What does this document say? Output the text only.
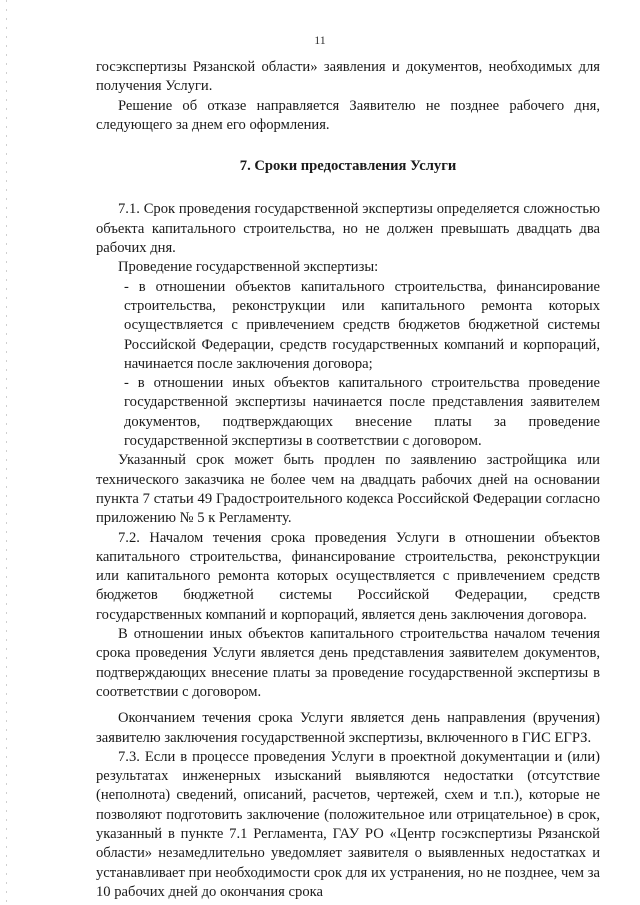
11

госэкспертизы Рязанской области» заявления и документов, необходимых для получения Услуги.

Решение об отказе направляется Заявителю не позднее рабочего дня, следующего за днем его оформления.

7. Сроки предоставления Услуги

7.1. Срок проведения государственной экспертизы определяется сложностью объекта капитального строительства, но не должен превышать двадцать два рабочих дня.

Проведение государственной экспертизы:

- в отношении объектов капитального строительства, финансирование строительства, реконструкции или капитального ремонта которых осуществляется с привлечением средств бюджетов бюджетной системы Российской Федерации, средств государственных компаний и корпораций, начинается после заключения договора;

- в отношении иных объектов капитального строительства проведение государственной экспертизы начинается после представления заявителем документов, подтверждающих внесение платы за проведение государственной экспертизы в соответствии с договором.

Указанный срок может быть продлен по заявлению застройщика или технического заказчика не более чем на двадцать рабочих дней на основании пункта 7 статьи 49 Градостроительного кодекса Российской Федерации согласно приложению № 5 к Регламенту.

7.2. Началом течения срока проведения Услуги в отношении объектов капитального строительства, финансирование строительства, реконструкции или капитального ремонта которых осуществляется с привлечением средств бюджетов бюджетной системы Российской Федерации, средств государственных компаний и корпораций, является день заключения договора.

В отношении иных объектов капитального строительства началом течения срока проведения Услуги является день представления заявителем документов, подтверждающих внесение платы за проведение государственной экспертизы в соответствии с договором.

Окончанием течения срока Услуги является день направления (вручения) заявителю заключения государственной экспертизы, включенного в ГИС ЕГРЗ.

7.3. Если в процессе проведения Услуги в проектной документации и (или) результатах инженерных изысканий выявляются недостатки (отсутствие (неполнота) сведений, описаний, расчетов, чертежей, схем и т.п.), которые не позволяют подготовить заключение (положительное или отрицательное) в срок, указанный в пункте 7.1 Регламента, ГАУ РО «Центр госэкспертизы Рязанской области» незамедлительно уведомляет заявителя о выявленных недостатках и устанавливает при необходимости срок для их устранения, но не позднее, чем за 10 рабочих дней до окончания срока
